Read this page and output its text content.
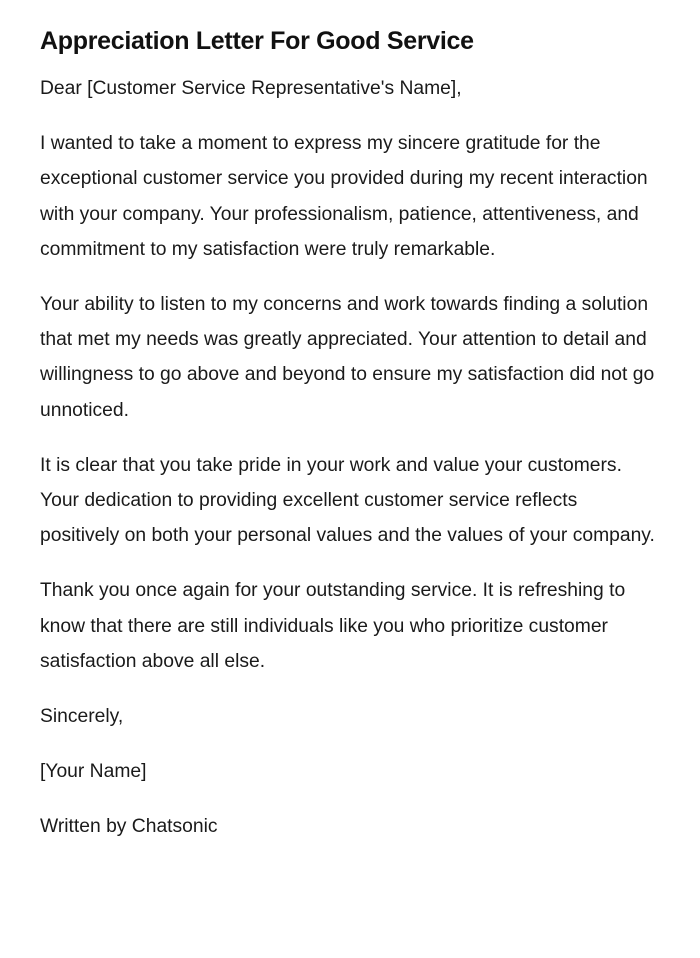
Appreciation Letter For Good Service

Dear [Customer Service Representative's Name],

I wanted to take a moment to express my sincere gratitude for the exceptional customer service you provided during my recent interaction with your company. Your professionalism, patience, attentiveness, and commitment to my satisfaction were truly remarkable.

Your ability to listen to my concerns and work towards finding a solution that met my needs was greatly appreciated. Your attention to detail and willingness to go above and beyond to ensure my satisfaction did not go unnoticed.

It is clear that you take pride in your work and value your customers. Your dedication to providing excellent customer service reflects positively on both your personal values and the values of your company.

Thank you once again for your outstanding service. It is refreshing to know that there are still individuals like you who prioritize customer satisfaction above all else.

Sincerely,

[Your Name]

Written by Chatsonic
